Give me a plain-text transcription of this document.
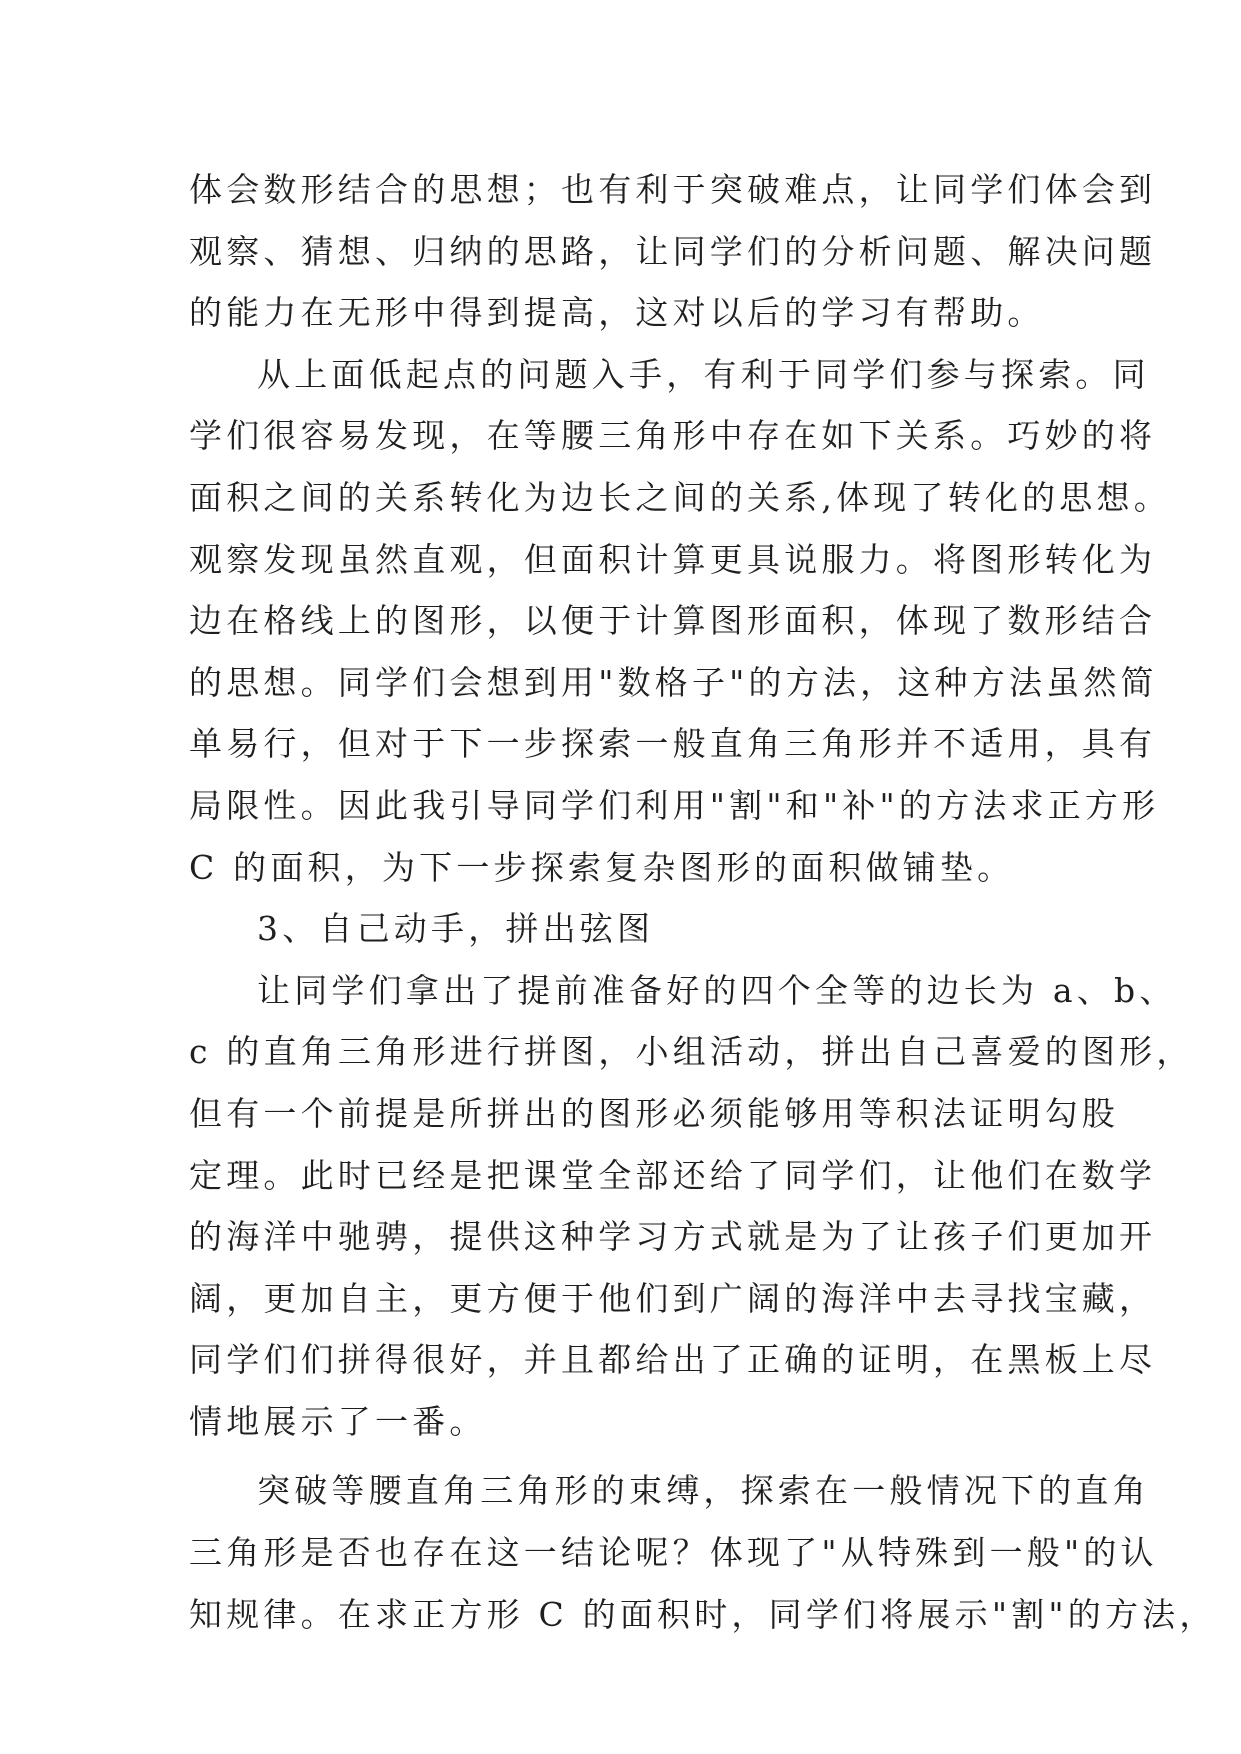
体会数形结合的思想；也有利于突破难点，让同学们体会到
观察、猜想、归纳的思路，让同学们的分析问题、解决问题
的能力在无形中得到提高，这对以后的学习有帮助。
从上面低起点的问题入手，有利于同学们参与探索。同
学们很容易发现，在等腰三角形中存在如下关系。巧妙的将
面积之间的关系转化为边长之间的关系,体现了转化的思想。
观察发现虽然直观，但面积计算更具说服力。将图形转化为
边在格线上的图形，以便于计算图形面积，体现了数形结合
的思想。同学们会想到用"数格子"的方法，这种方法虽然简
单易行，但对于下一步探索一般直角三角形并不适用，具有
局限性。因此我引导同学们利用"割"和"补"的方法求正方形
C 的面积，为下一步探索复杂图形的面积做铺垫。
3、自己动手，拼出弦图
让同学们拿出了提前准备好的四个全等的边长为 a、b、
c 的直角三角形进行拼图，小组活动，拼出自己喜爱的图形，
但有一个前提是所拼出的图形必须能够用等积法证明勾股
定理。此时已经是把课堂全部还给了同学们，让他们在数学
的海洋中驰骋，提供这种学习方式就是为了让孩子们更加开
阔，更加自主，更方便于他们到广阔的海洋中去寻找宝藏，
同学们们拼得很好，并且都给出了正确的证明，在黑板上尽
情地展示了一番。
突破等腰直角三角形的束缚，探索在一般情况下的直角
三角形是否也存在这一结论呢？体现了"从特殊到一般"的认
知规律。在求正方形 C 的面积时，同学们将展示"割"的方法，
